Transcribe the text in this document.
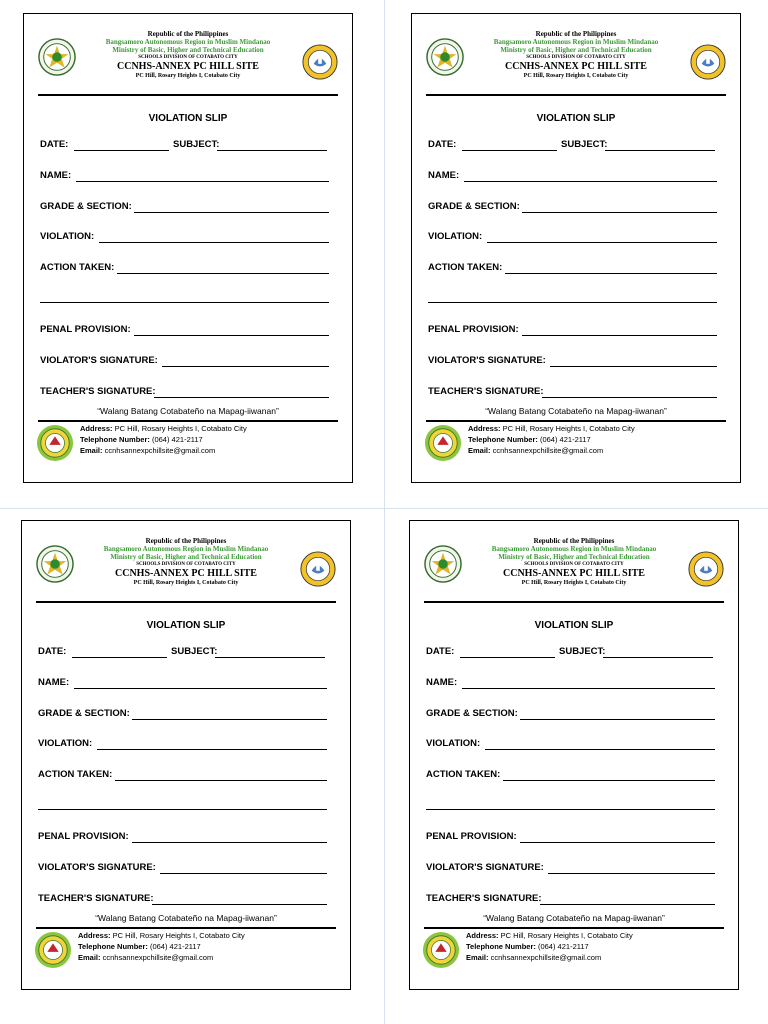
Republic of the Philippines
Bangsamoro Autonomous Region in Muslim Mindanao
Ministry of Basic, Higher and Technical Education
SCHOOLS DIVISION OF COTABATO CITY
CCNHS-ANNEX PC HILL SITE
PC Hill, Rosary Heights I, Cotabato City
VIOLATION SLIP
DATE:	SUBJECT:
NAME:
GRADE & SECTION:
VIOLATION:
ACTION TAKEN:
PENAL PROVISION:
VIOLATOR'S SIGNATURE:
TEACHER'S SIGNATURE:
“Walang Batang Cotabateño na Mapag-iiwanan”
Address: PC Hill, Rosary Heights I, Cotabato City
Telephone Number: (064) 421-2117
Email: ccnhsannexpchillsite@gmail.com
Republic of the Philippines
Bangsamoro Autonomous Region in Muslim Mindanao
Ministry of Basic, Higher and Technical Education
SCHOOLS DIVISION OF COTABATO CITY
CCNHS-ANNEX PC HILL SITE
PC Hill, Rosary Heights I, Cotabato City
VIOLATION SLIP
DATE:	SUBJECT:
NAME:
GRADE & SECTION:
VIOLATION:
ACTION TAKEN:
PENAL PROVISION:
VIOLATOR'S SIGNATURE:
TEACHER'S SIGNATURE:
“Walang Batang Cotabateño na Mapag-iiwanan”
Address: PC Hill, Rosary Heights I, Cotabato City
Telephone Number: (064) 421-2117
Email: ccnhsannexpchillsite@gmail.com
Republic of the Philippines
Bangsamoro Autonomous Region in Muslim Mindanao
Ministry of Basic, Higher and Technical Education
SCHOOLS DIVISION OF COTABATO CITY
CCNHS-ANNEX PC HILL SITE
PC Hill, Rosary Heights I, Cotabato City
VIOLATION SLIP
DATE:	SUBJECT:
NAME:
GRADE & SECTION:
VIOLATION:
ACTION TAKEN:
PENAL PROVISION:
VIOLATOR'S SIGNATURE:
TEACHER'S SIGNATURE:
“Walang Batang Cotabateño na Mapag-iiwanan”
Address: PC Hill, Rosary Heights I, Cotabato City
Telephone Number: (064) 421-2117
Email: ccnhsannexpchillsite@gmail.com
Republic of the Philippines
Bangsamoro Autonomous Region in Muslim Mindanao
Ministry of Basic, Higher and Technical Education
SCHOOLS DIVISION OF COTABATO CITY
CCNHS-ANNEX PC HILL SITE
PC Hill, Rosary Heights I, Cotabato City
VIOLATION SLIP
DATE:	SUBJECT:
NAME:
GRADE & SECTION:
VIOLATION:
ACTION TAKEN:
PENAL PROVISION:
VIOLATOR'S SIGNATURE:
TEACHER'S SIGNATURE:
“Walang Batang Cotabateño na Mapag-iiwanan”
Address: PC Hill, Rosary Heights I, Cotabato City
Telephone Number: (064) 421-2117
Email: ccnhsannexpchillsite@gmail.com
